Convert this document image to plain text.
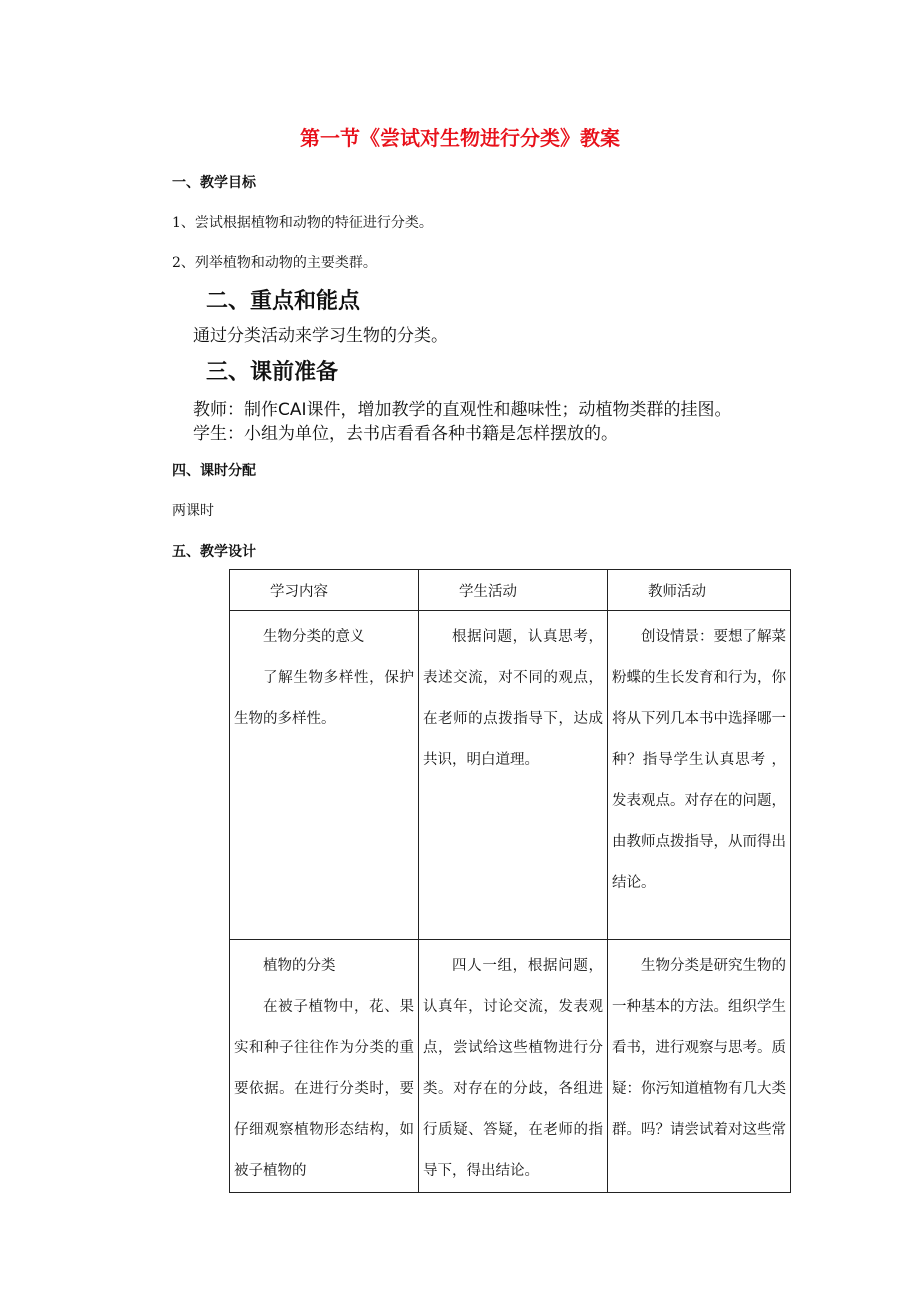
第一节《尝试对生物进行分类》教案
一、教学目标
1、尝试根据植物和动物的特征进行分类。
2、列举植物和动物的主要类群。
二、重点和能点
通过分类活动来学习生物的分类。
三、课前准备
教师：制作CAI课件，增加教学的直观性和趣味性；动植物类群的挂图。
学生：小组为单位，去书店看看各种书籍是怎样摆放的。
四、课时分配
两课时
五、教学设计
学习内容	学生活动	教师活动

生物分类的意义

了解生物多样性，保护生物的多样性。	根据问题，认真思考，表述交流，对不同的观点，在老师的点拨指导下，达成共识，明白道理。	创设情景：要想了解菜粉蝶的生长发育和行为，你将从下列几本书中选择哪一种？指导学生认真思考 ，发表观点。对存在的问题，由教师点拨指导，从而得出结论。

植物的分类

在被子植物中，花、果实和种子往往作为分类的重要依据。在进行分类时，要仔细观察植物形态结构，如被子植物的	四人一组，根据问题，认真年，讨论交流，发表观点，尝试给这些植物进行分类。对存在的分歧，各组进行质疑、答疑，在老师的指导下，得出结论。	生物分类是研究生物的一种基本的方法。组织学生看书，进行观察与思考。质疑：你污知道植物有几大类群。吗？请尝试着对这些常
